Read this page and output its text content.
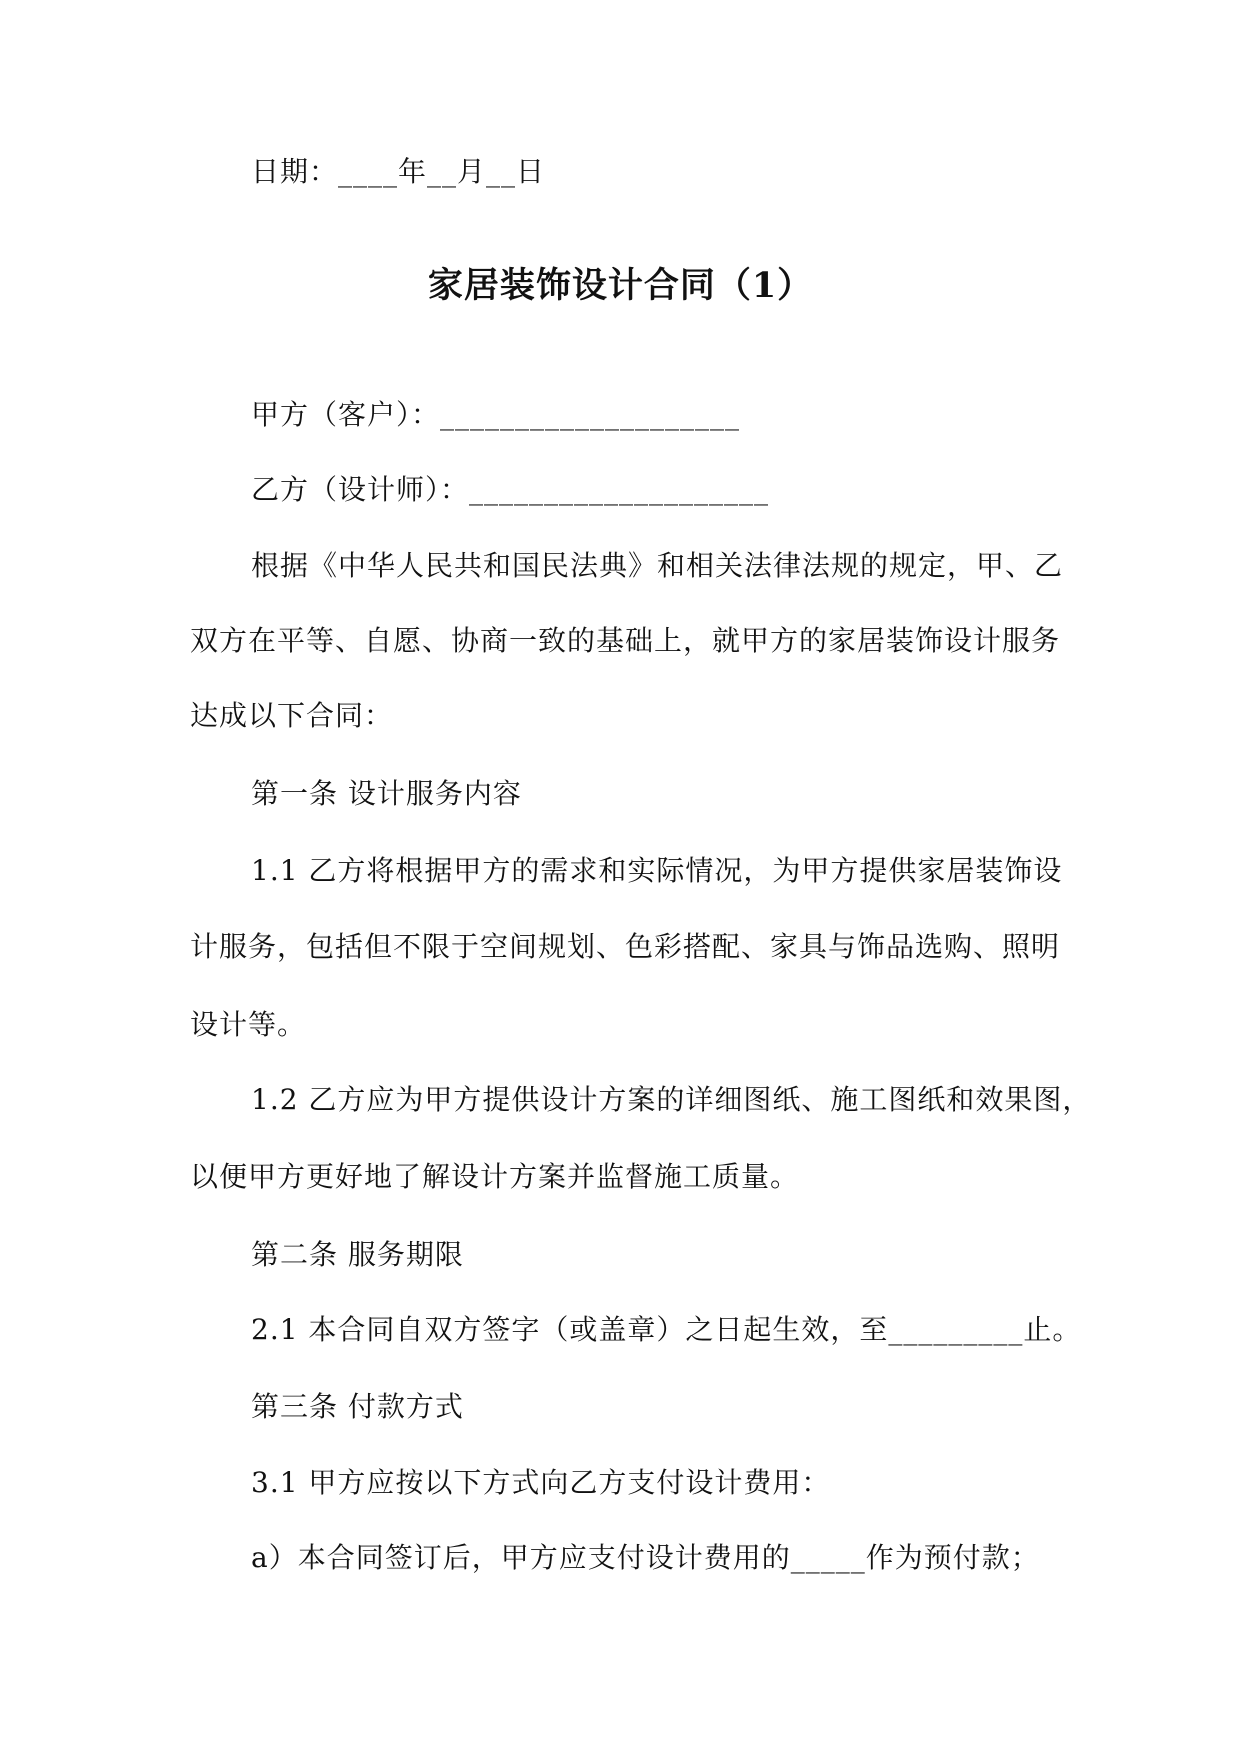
日期：____年__月__日
家居装饰设计合同（1）
甲方（客户）：____________________
乙方（设计师）：____________________
根据《中华人民共和国民法典》和相关法律法规的规定，甲、乙
双方在平等、自愿、协商一致的基础上，就甲方的家居装饰设计服务
达成以下合同：
第一条 设计服务内容
1.1 乙方将根据甲方的需求和实际情况，为甲方提供家居装饰设
计服务，包括但不限于空间规划、色彩搭配、家具与饰品选购、照明
设计等。
1.2 乙方应为甲方提供设计方案的详细图纸、施工图纸和效果图，
以便甲方更好地了解设计方案并监督施工质量。
第二条 服务期限
2.1 本合同自双方签字（或盖章）之日起生效，至_________止。
第三条 付款方式
3.1 甲方应按以下方式向乙方支付设计费用：
a）本合同签订后，甲方应支付设计费用的_____作为预付款；
